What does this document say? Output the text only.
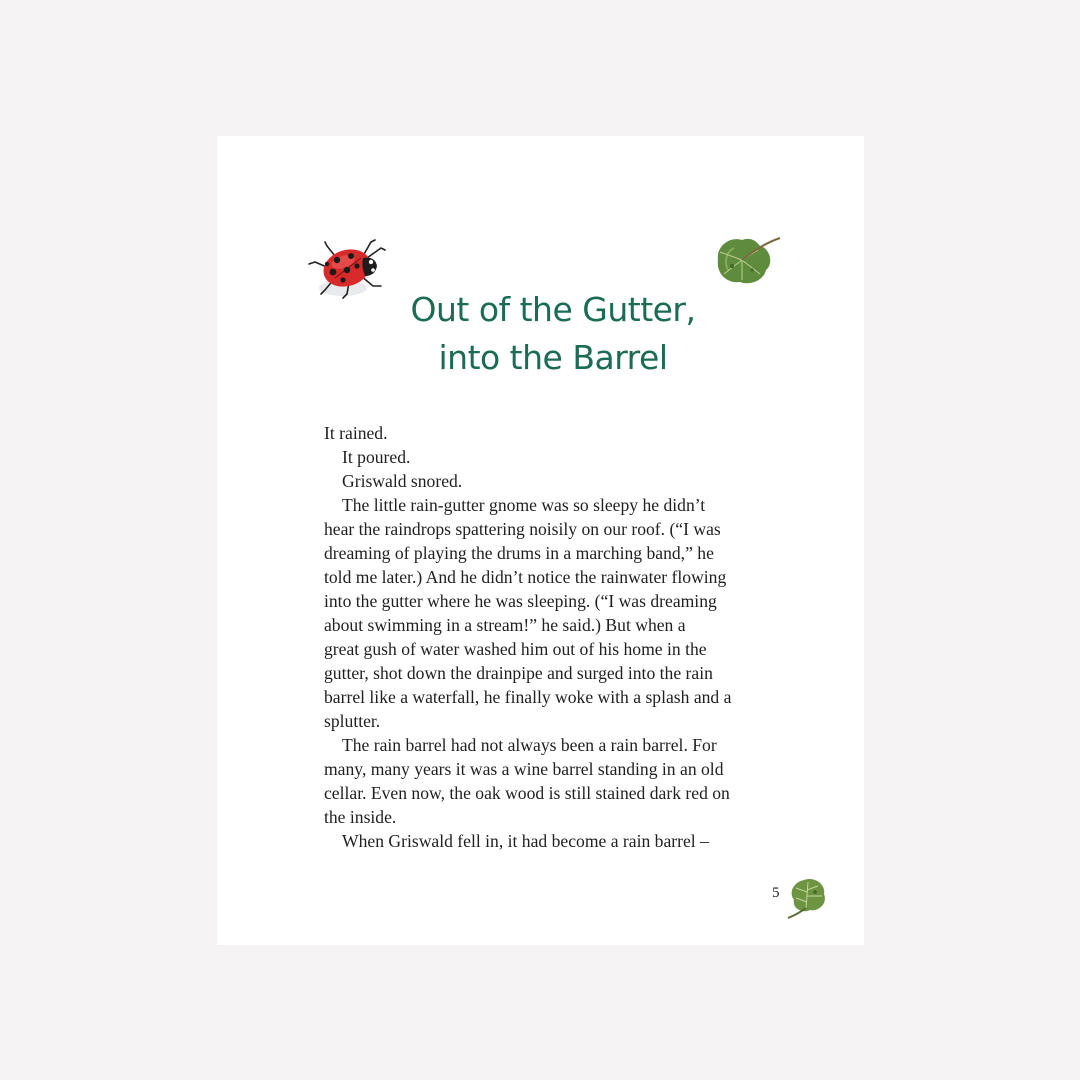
Out of the Gutter,
into the Barrel

It rained.

It poured.

Griswald snored.

The little rain-gutter gnome was so sleepy he didn’t

hear the raindrops spattering noisily on our roof. (“I was

dreaming of playing the drums in a marching band,” he

told me later.) And he didn’t notice the rainwater flowing

into the gutter where he was sleeping. (“I was dreaming

about swimming in a stream!” he said.) But when a

great gush of water washed him out of his home in the

gutter, shot down the drainpipe and surged into the rain

barrel like a waterfall, he finally woke with a splash and a

splutter.

The rain barrel had not always been a rain barrel. For

many, many years it was a wine barrel standing in an old

cellar. Even now, the oak wood is still stained dark red on

the inside.

When Griswald fell in, it had become a rain barrel –

5
